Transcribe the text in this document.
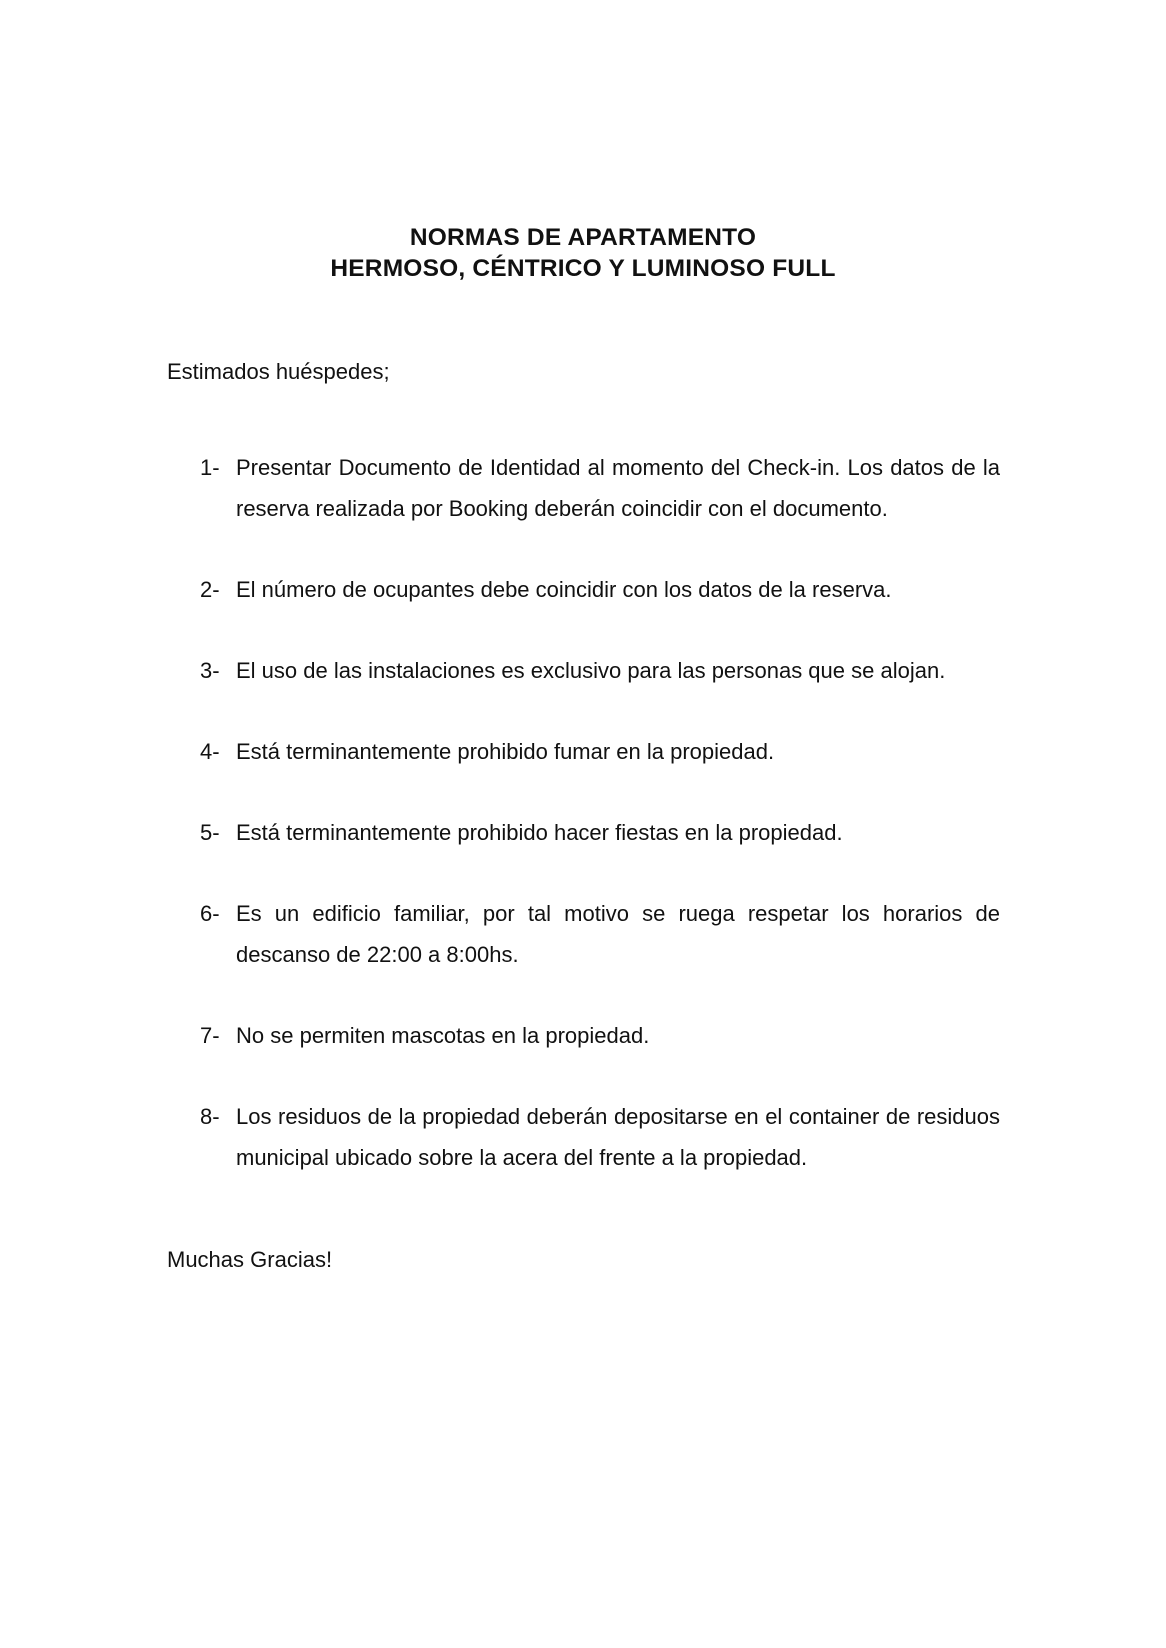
NORMAS DE APARTAMENTO
HERMOSO, CÉNTRICO Y LUMINOSO FULL
Estimados huéspedes;
1- Presentar Documento de Identidad al momento del Check-in. Los datos de la reserva realizada por Booking deberán coincidir con el documento.
2- El número de ocupantes debe coincidir con los datos de la reserva.
3- El uso de las instalaciones es exclusivo para las personas que se alojan.
4- Está terminantemente prohibido fumar en la propiedad.
5- Está terminantemente prohibido hacer fiestas en la propiedad.
6- Es un edificio familiar, por tal motivo se ruega respetar los horarios de descanso de 22:00 a 8:00hs.
7- No se permiten mascotas en la propiedad.
8- Los residuos de la propiedad deberán depositarse en el container de residuos municipal ubicado sobre la acera del frente a la propiedad.
Muchas Gracias!
